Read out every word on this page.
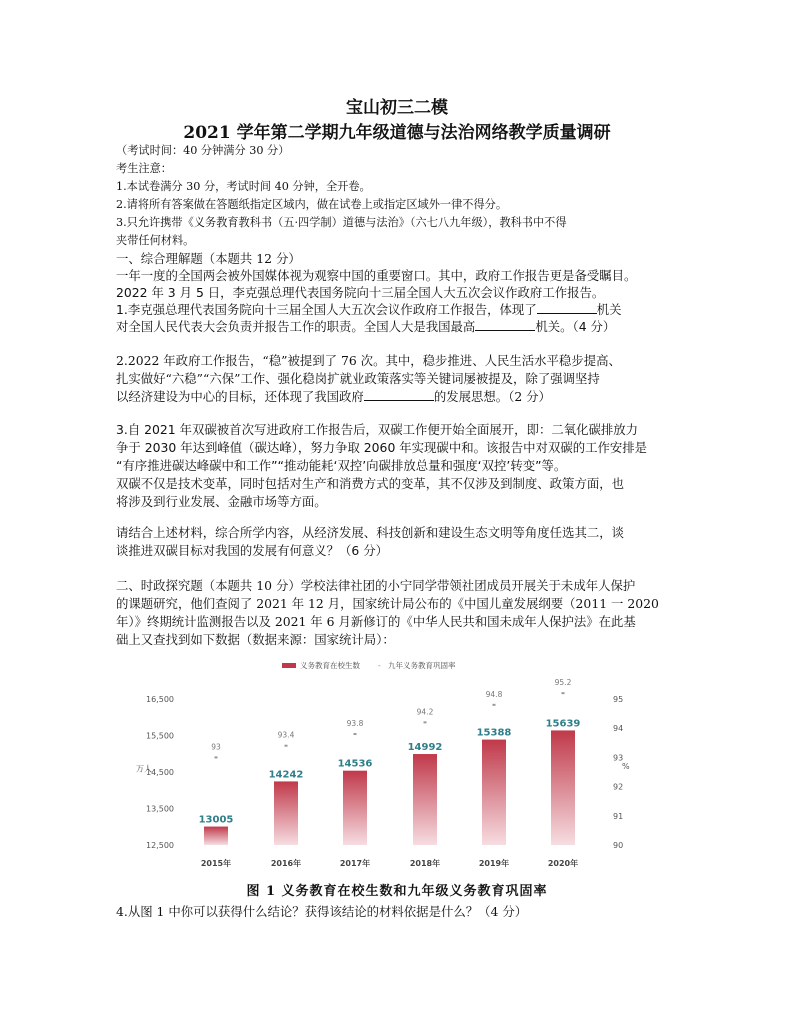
宝山初三二模
2021 学年第二学期九年级道德与法治网络教学质量调研
（考试时间：40 分钟满分 30 分）
考生注意：
1.本试卷满分 30 分，考试时间 40 分钟，全开卷。
2.请将所有答案做在答题纸指定区域内，做在试卷上或指定区域外一律不得分。
3.只允许携带《义务教育教科书（五·四学制）道德与法治》（六七八九年级），教科书中不得
夹带任何材料。
一、综合理解题（本题共 12 分）
一年一度的全国两会被外国媒体视为观察中国的重要窗口。其中，政府工作报告更是备受瞩目。
2022 年 3 月 5 日，李克强总理代表国务院向十三届全国人大五次会议作政府工作报告。
1.李克强总理代表国务院向十三届全国人大五次会议作政府工作报告，体现了	机关
对全国人民代表大会负责并报告工作的职责。全国人大是我国最高	机关。（4 分）
2.2022 年政府工作报告，“稳”被提到了 76 次。其中，稳步推进、人民生活水平稳步提高、
扎实做好“六稳”“六保”工作、强化稳岗扩就业政策落实等关键词屡被提及，除了强调坚持
以经济建设为中心的目标，还体现了我国政府	的发展思想。（2 分）
3.自 2021 年双碳被首次写进政府工作报告后，双碳工作便开始全面展开，即：二氧化碳排放力
争于 2030 年达到峰值（碳达峰），努力争取 2060 年实现碳中和。该报告中对双碳的工作安排是
“有序推进碳达峰碳中和工作”“推动能耗‘双控’向碳排放总量和强度‘双控’转变”等。
双碳不仅是技术变革，同时包括对生产和消费方式的变革，其不仅涉及到制度、政策方面，也
将涉及到行业发展、金融市场等方面。
请结合上述材料，综合所学内容，从经济发展、科技创新和建设生态文明等角度任选其二，谈
谈推进双碳目标对我国的发展有何意义？（6 分）
二、时政探究题（本题共 10 分）学校法律社团的小宁同学带领社团成员开展关于未成年人保护
的课题研究，他们查阅了 2021 年 12 月，国家统计局公布的《中国儿童发展纲要（2011 一 2020
年）》终期统计监测报告以及 2021 年 6 月新修订的《中华人民共和国未成年人保护法》在此基
础上又查找到如下数据（数据来源：国家统计局）：
义务教育在校生数 - 九年义务教育巩固率
16,500
15,500
14,500
13,500
12,500
95
94
93
92
91
90
万人	%
13005
93
2015年
14242
93.4
2016年
14536
93.8
2017年
14992
94.2
2018年
15388
94.8
2019年
15639
95.2
2020年
图 1 义务教育在校生数和九年级义务教育巩固率
4.从图 1 中你可以获得什么结论？获得该结论的材料依据是什么？（4 分）
